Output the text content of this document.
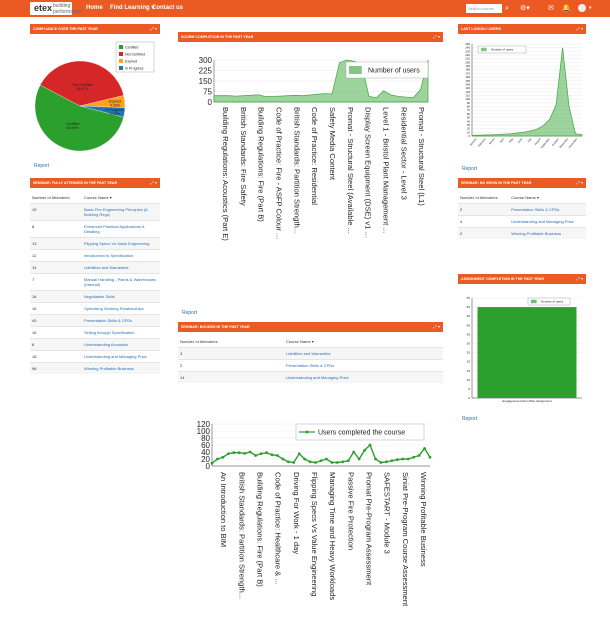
etex building performance
Home Find Learning ▾
Contact us	Search course	⌕ ⚙▾	✉ 🔔	▾
COMPLIANCE OVER THE PAST YEAR	⤢ ▾
Certified 53.69%
Not Certified 38.47%
Expired 4.33%
In Progress 3.42%
Certified
Not Certified
Expired
In Progress
Report
SCORM COMPLETION IN THE PAST YEAR	⤢ ▾
0
75
150
225
300
Building Regulations: Acoustics (Part E) British Standards: Fire Safety Building Regulations: Fire (Part B) Code of Practice: Fire - ASFP Colour ... British Standards: Partition Strength... Code of Practice: Residential Safety Media Content Promat - Structural Steel (Available ... Display Screen Equipment (DSE) v1 ... Level 1 - Bristol Plant Management ... Residential Sector - Level 3 Promat - Structural Steel (L1)
Number of users
Report
LAST LOGON # USERS	⤢ ▾
0
10
20
30
40
50
60
70
80
90
100
110
120
130
140
150
160
170
180
190
200
210
220
230
240
250
January February March April May June July August
September October November December
Number of users
Report
SEMINAR: FULLY ATTENDED IN THE PAST YEAR	⤢ ▾
Number of Attendees	Course Name ▾
15	Basic Fire Engineering Principles (& Building Regs)
8	Enhanced Practical Applications & Detailing
13	Flipping Specs Vs Value Engineering
12	Introduction to Specification
14	Liabilities and Warranties
7	Manual Handling - Plants & Warehouses (Internal)
16	Negotiation Skills
16	Optimising Working Relationships
40	Presentation Skills & CPDs
16	Selling through Specification
6	Understanding Acoustics
18	Understanding and Managing Price
98	Winning Profitable Business
SEMINAR: BOOKED IN THE PAST YEAR	⤢ ▾
Number of Attendees	Course Name ▾
3	Liabilities and Warranties
2	Presentation Skills & CPDs
14	Understanding and Managing Price
SEMINAR: NO SHOW IN THE PAST YEAR	⤢ ▾
Number of Attendees	Course Name ▾
2	Presentation Skills & CPDs
4	Understanding and Managing Price
2	Winning Profitable Business
ASSIGNMENT COMPLETION IN THE PAST YEAR	⤢ ▾
0
5
10
15
20
25
30
35
40
45
50
55
Engagement Action Plan Assignment
Number of users
Report
0
20
40
60
80
100
120
An Introduction to BIM British Standards: Partition Strength... Building Regulations: Fire (Part B) Code of Practice: Healthcare & ... Driving For Work - 1 day Flipping Specs Vs Value Engineering Managing Time and Heavy Workloads Passive Fire Protection Promat Pre-Program Assessment SAFESTART - Module 3 Siniat Pre-Program Course Assessment Winning Profitable Business
Users completed the course
